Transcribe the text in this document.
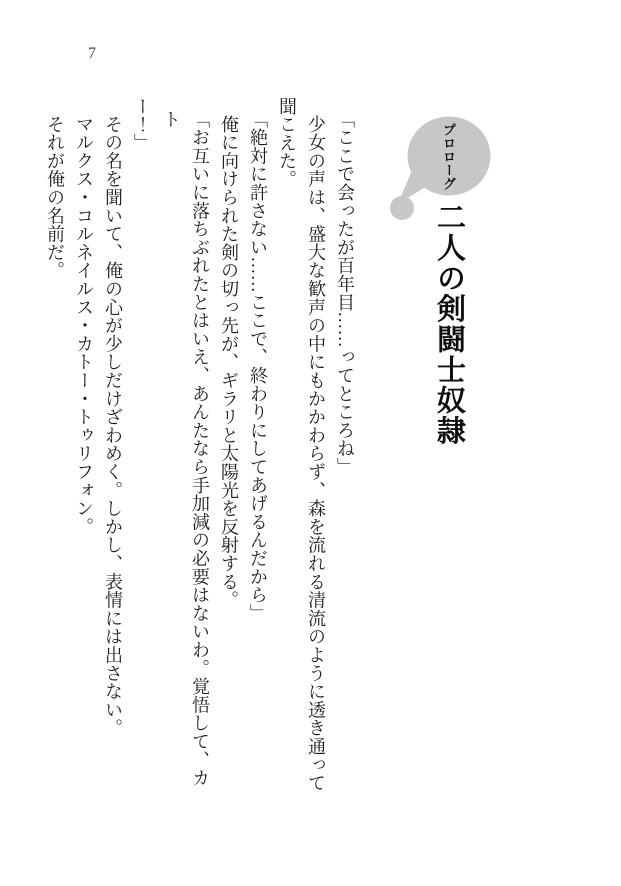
7
プロローグ
二人の剣闘士奴隷

「ここで会ったが百年目……ってところね」

少女の声は、盛大な歓声の中にもかかわらず、森を流れる清流のように透き通って

聞こえた。

「絶対に許さない……ここで、終わりにしてあげるんだから」

俺に向けられた剣の切っ先が、ギラリと太陽光を反射する。

「お互いに落ちぶれたとはいえ、あんたなら手加減の必要はないわ。覚悟して、カト

ー！」

その名を聞いて、俺の心が少しだけざわめく。しかし、表情には出さない。

マルクス・コルネイルス・カトー・トゥリフォン。

それが俺の名前だ。
